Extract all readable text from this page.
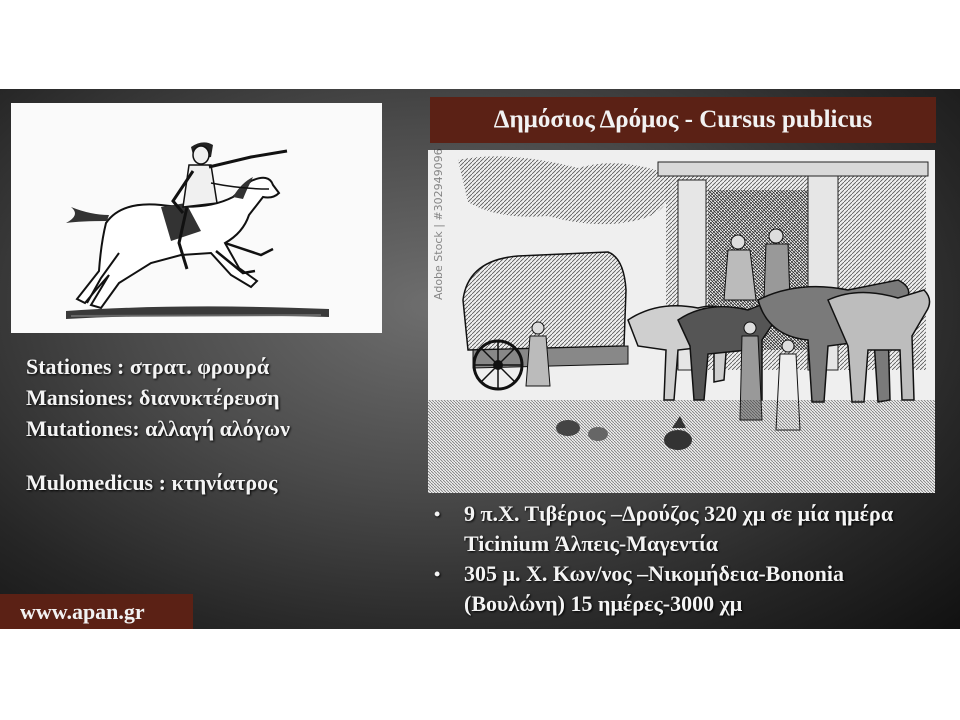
Δημόσιος Δρόμος - Cursus publicus
Adobe Stock | #302949096
Stationes : στρατ. φρουρά
Mansiones: διανυκτέρευση
Mutationes: αλλαγή αλόγων
Mulomedicus : κτηνίατρος
• 9 π.Χ. Τιβέριος –Δρούζος 320 χμ σε μία ημέρα Ticinium Άλπεις-Μαγεντία
• 305 μ. Χ. Κων/νος –Νικομήδεια-Bononia (Βουλώνη) 15 ημέρες-3000 χμ
www.apan.gr
